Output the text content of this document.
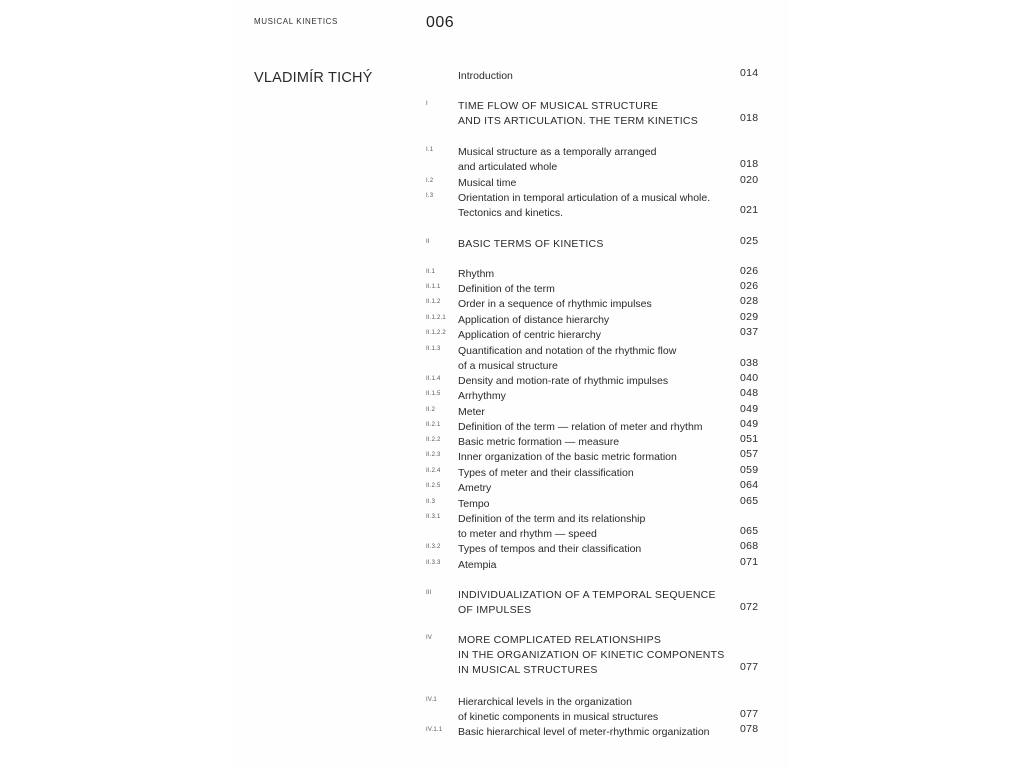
MUSICAL KINETICS	006
VLADIMÍR TICHÝ	Introduction	014
I	TIME FLOW OF MUSICAL STRUCTURE
AND ITS ARTICULATION. THE TERM KINETICS	018
I.1 Musical structure as a temporally arranged
and articulated whole	018
I.2 Musical time	020
I.3 Orientation in temporal articulation of a musical whole.
Tectonics and kinetics.	021
II	BASIC TERMS OF KINETICS	025
II.1 Rhythm	026
II.1.1 Definition of the term	026
II.1.2 Order in a sequence of rhythmic impulses	028
II.1.2.1 Application of distance hierarchy	029
II.1.2.2 Application of centric hierarchy	037
II.1.3 Quantification and notation of the rhythmic flow
of a musical structure	038
II.1.4 Density and motion-rate of rhythmic impulses	040
II.1.5 Arrhythmy	048
II.2 Meter	049
II.2.1 Definition of the term — relation of meter and rhythm	049
II.2.2 Basic metric formation — measure	051
II.2.3 Inner organization of the basic metric formation	057
II.2.4 Types of meter and their classification	059
II.2.5 Ametry	064
II.3 Tempo	065
II.3.1 Definition of the term and its relationship
to meter and rhythm — speed	065
II.3.2 Types of tempos and their classification	068
II.3.3 Atempia	071
III	INDIVIDUALIZATION OF A TEMPORAL SEQUENCE
OF IMPULSES	072
IV MORE COMPLICATED RELATIONSHIPS
IN THE ORGANIZATION OF KINETIC COMPONENTS
IN MUSICAL STRUCTURES	077
IV.1 Hierarchical levels in the organization
of kinetic components in musical structures	077
IV.1.1 Basic hierarchical level of meter-rhythmic organization	078
